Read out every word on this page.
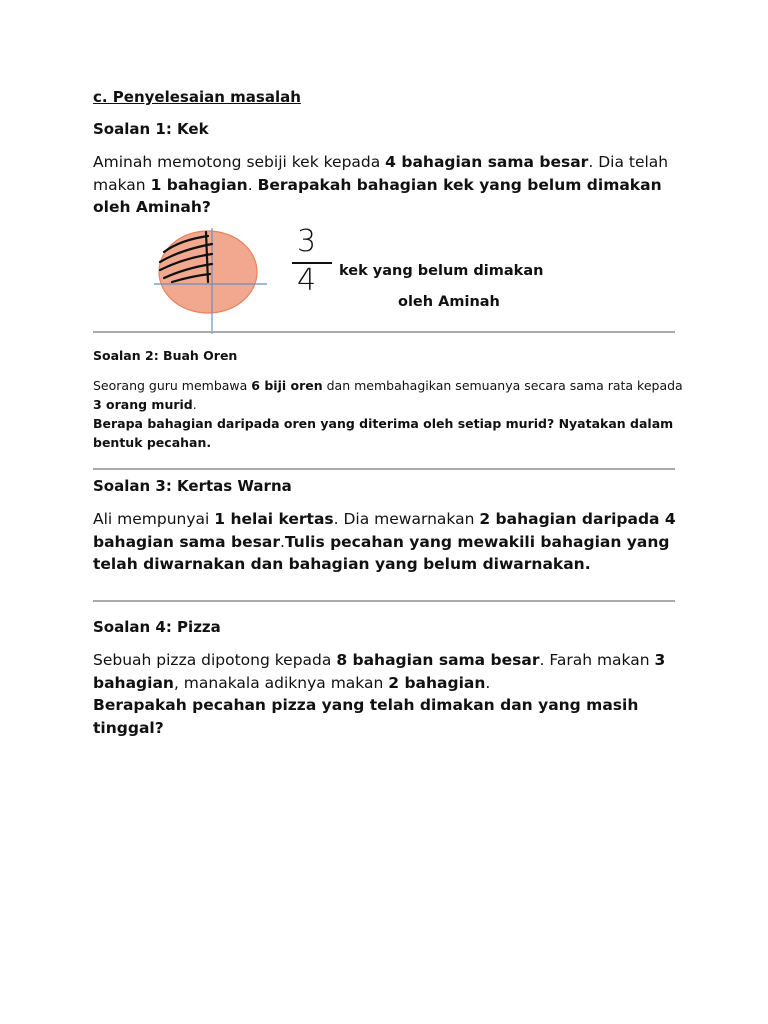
c. Penyelesaian masalah

Soalan 1: Kek

Aminah memotong sebiji kek kepada 4 bahagian sama besar. Dia telah makan 1 bahagian. Berapakah bahagian kek yang belum dimakan oleh Aminah?

3
4 kek yang belum dimakan
oleh Aminah

Soalan 2: Buah Oren

Seorang guru membawa 6 biji oren dan membahagikan semuanya secara sama rata kepada 3 orang murid.
Berapa bahagian daripada oren yang diterima oleh setiap murid? Nyatakan dalam bentuk pecahan.

Soalan 3: Kertas Warna

Ali mempunyai 1 helai kertas. Dia mewarnakan 2 bahagian daripada 4 bahagian sama besar.Tulis pecahan yang mewakili bahagian yang telah diwarnakan dan bahagian yang belum diwarnakan.

Soalan 4: Pizza

Sebuah pizza dipotong kepada 8 bahagian sama besar. Farah makan 3 bahagian, manakala adiknya makan 2 bahagian.
Berapakah pecahan pizza yang telah dimakan dan yang masih tinggal?
